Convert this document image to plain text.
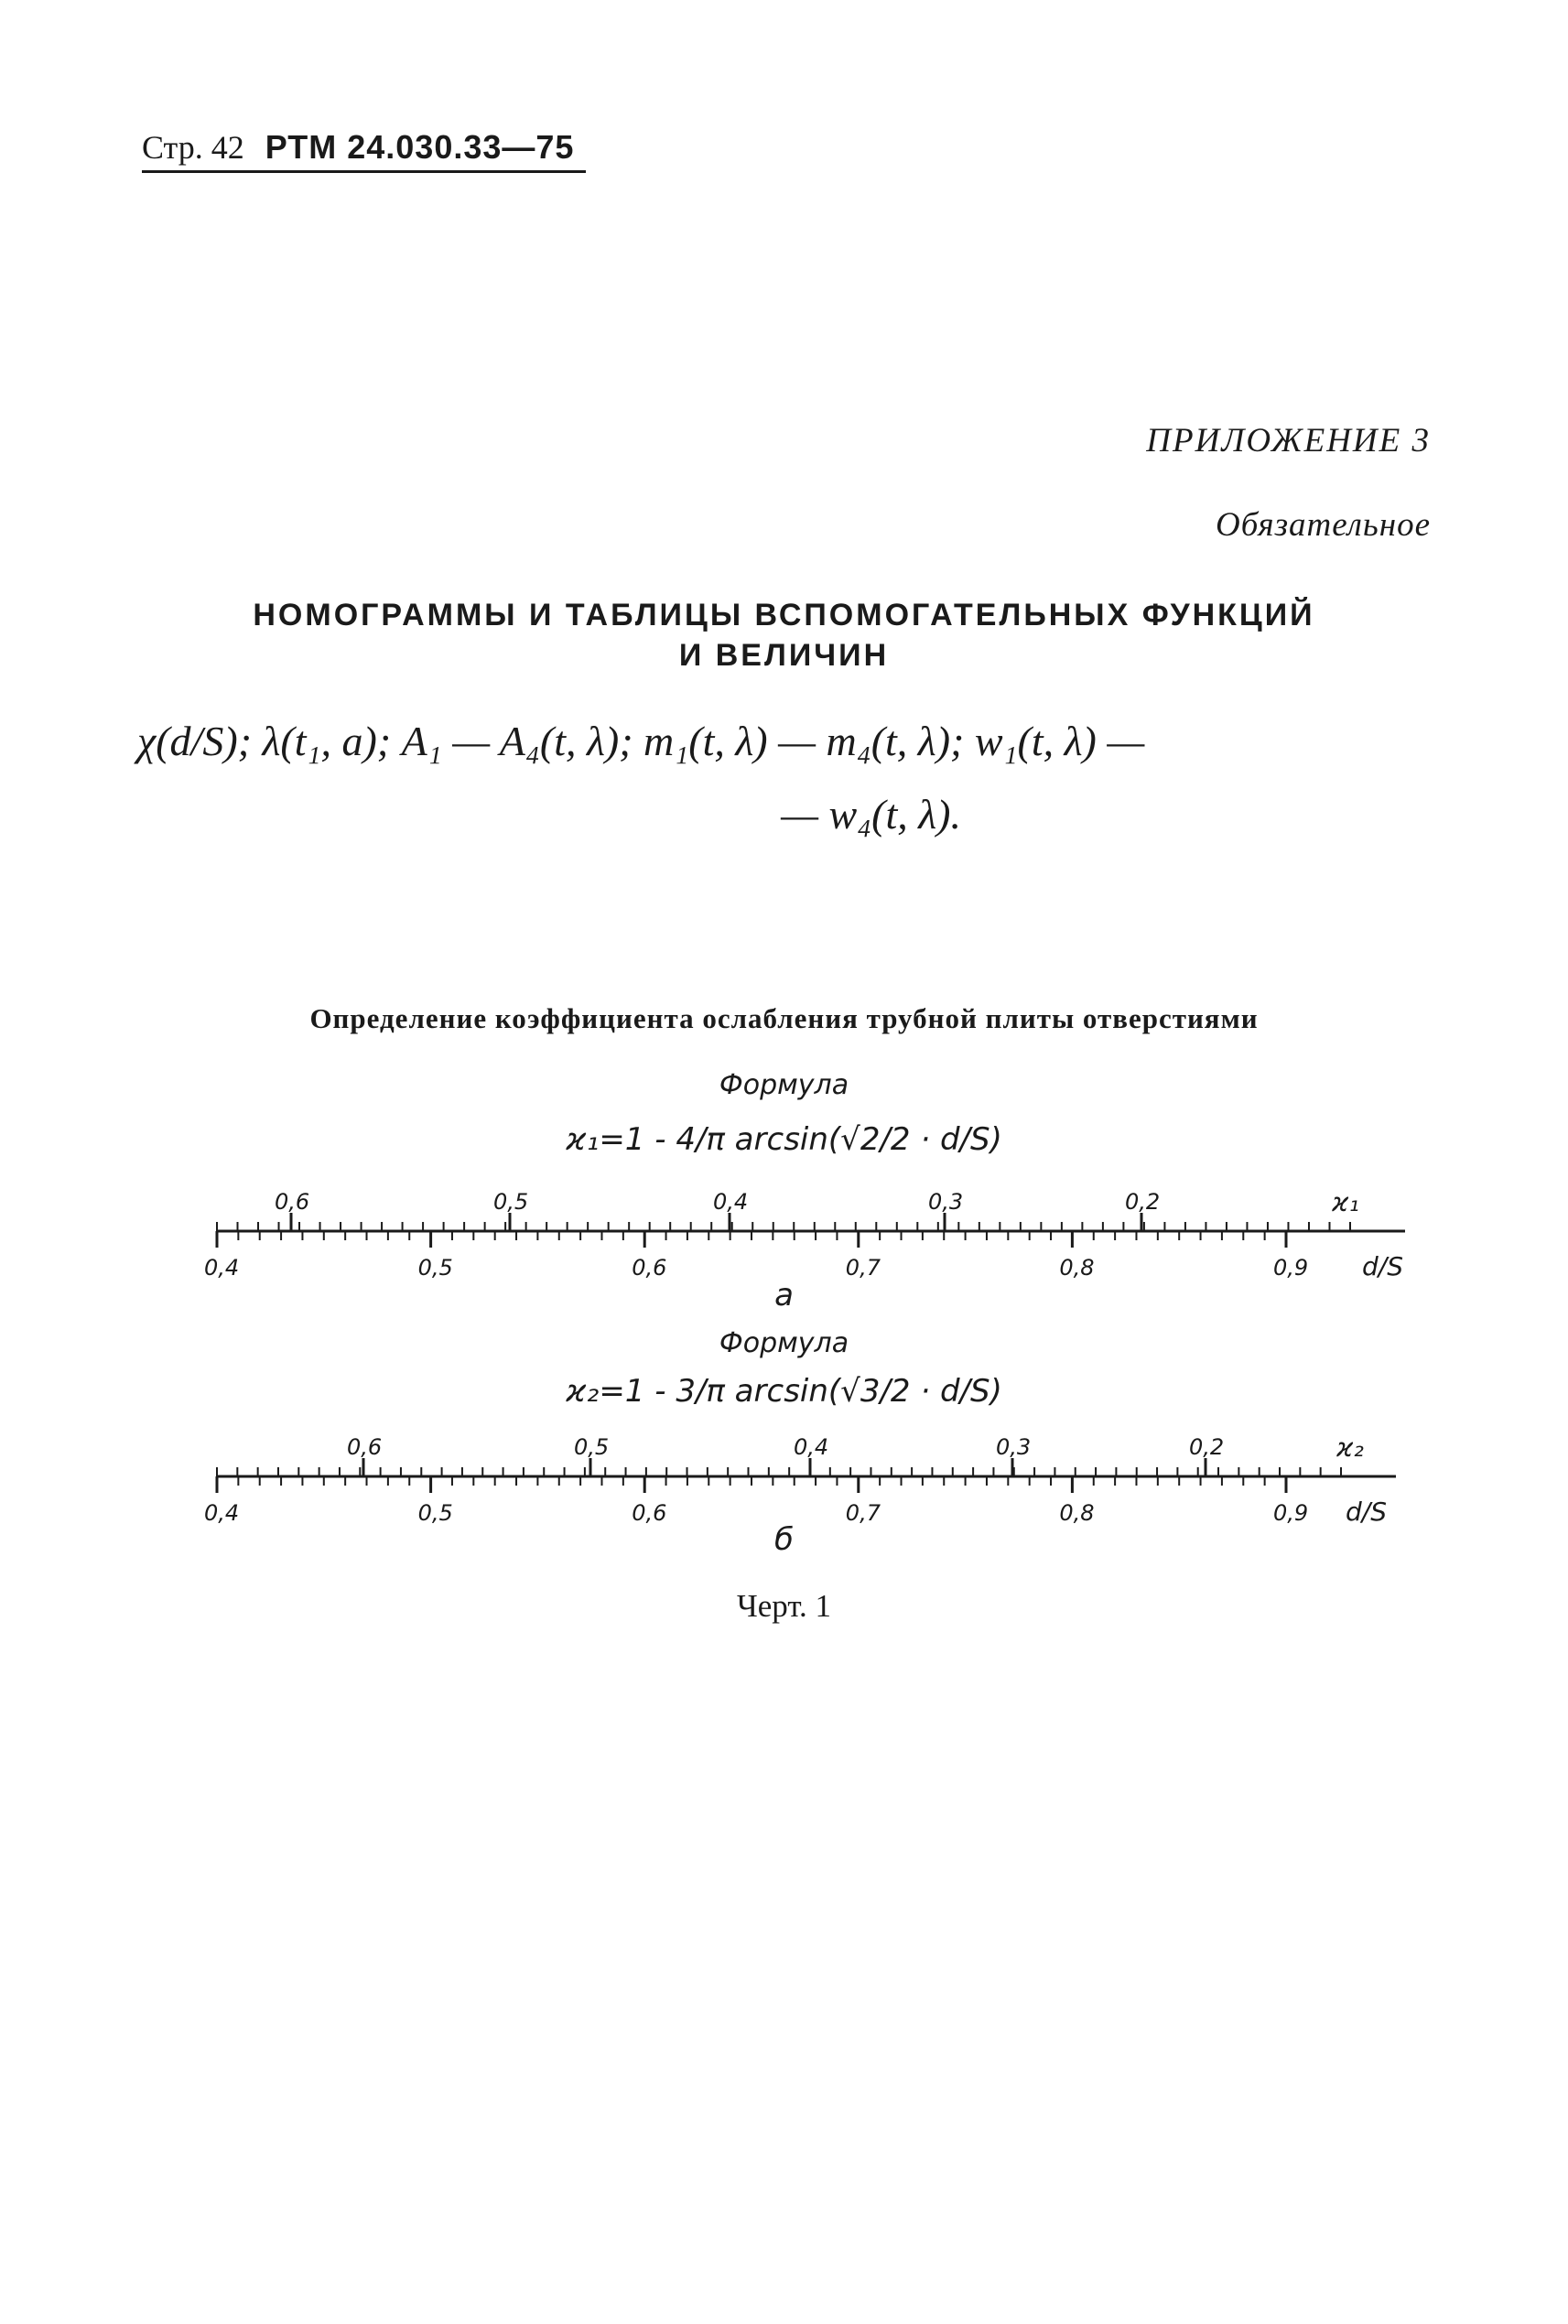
Стр. 42 РТМ 24.030.33—75
ПРИЛОЖЕНИЕ 3
Обязательное
НОМОГРАММЫ И ТАБЛИЦЫ ВСПОМОГАТЕЛЬНЫХ ФУНКЦИЙ
И ВЕЛИЧИН
χ(d/S); λ(t₁, a); A₁ — A₄(t, λ); m₁(t, λ) — m₄(t, λ); w₁(t, λ) —
— w₄(t, λ).
Определение коэффициента ослабления трубной плиты отверстиями
Формула
ϰ₁=1 - 4/π arcsin(√2/2 · d/S)
а
Формула
ϰ₂=1 - 3/π arcsin(√3/2 · d/S)
б
0,6	0,5	0,4	0,3	0,2
0,4	0,5	0,6	0,7	0,8	0,9
ϰ₁
d/S
0,6	0,5	0,4	0,3	0,2
0,4	0,5	0,6	0,7	0,8	0,9
ϰ₂
d/S
Черт. 1
